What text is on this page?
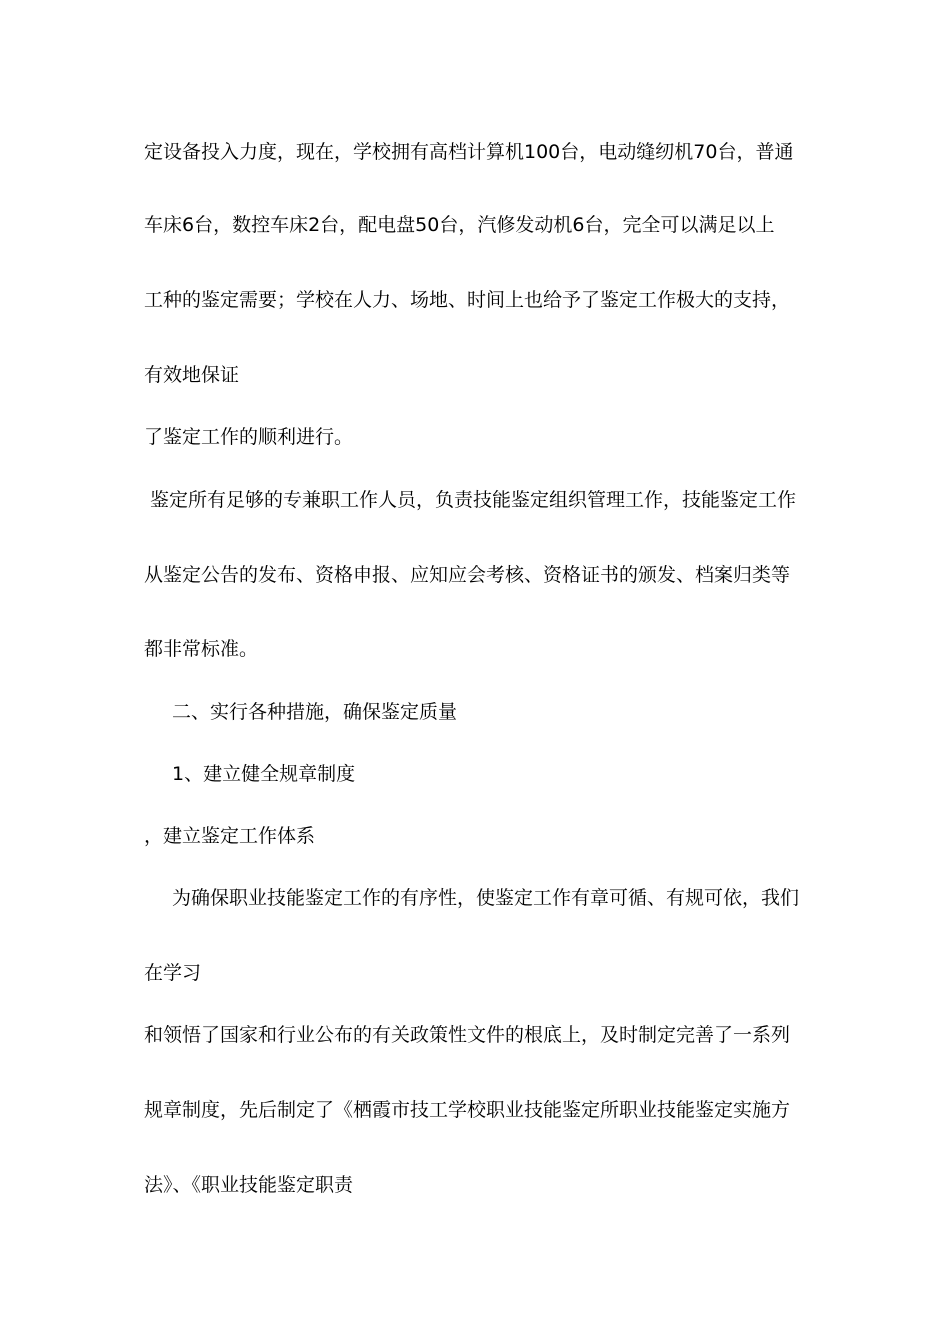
定设备投入力度，现在，学校拥有高档计算机100台，电动缝纫机70台，普通
车床6台，数控车床2台，配电盘50台，汽修发动机6台，完全可以满足以上
工种的鉴定需要；学校在人力、场地、时间上也给予了鉴定工作极大的支持，
有效地保证
了鉴定工作的顺利进行。
鉴定所有足够的专兼职工作人员，负责技能鉴定组织管理工作，技能鉴定工作
从鉴定公告的发布、资格申报、应知应会考核、资格证书的颁发、档案归类等
都非常标准。
二、实行各种措施，确保鉴定质量
1、建立健全规章制度
，建立鉴定工作体系
为确保职业技能鉴定工作的有序性，使鉴定工作有章可循、有规可依，我们
在学习
和领悟了国家和行业公布的有关政策性文件的根底上，及时制定完善了一系列
规章制度，先后制定了《栖霞市技工学校职业技能鉴定所职业技能鉴定实施方
法》、《职业技能鉴定职责
